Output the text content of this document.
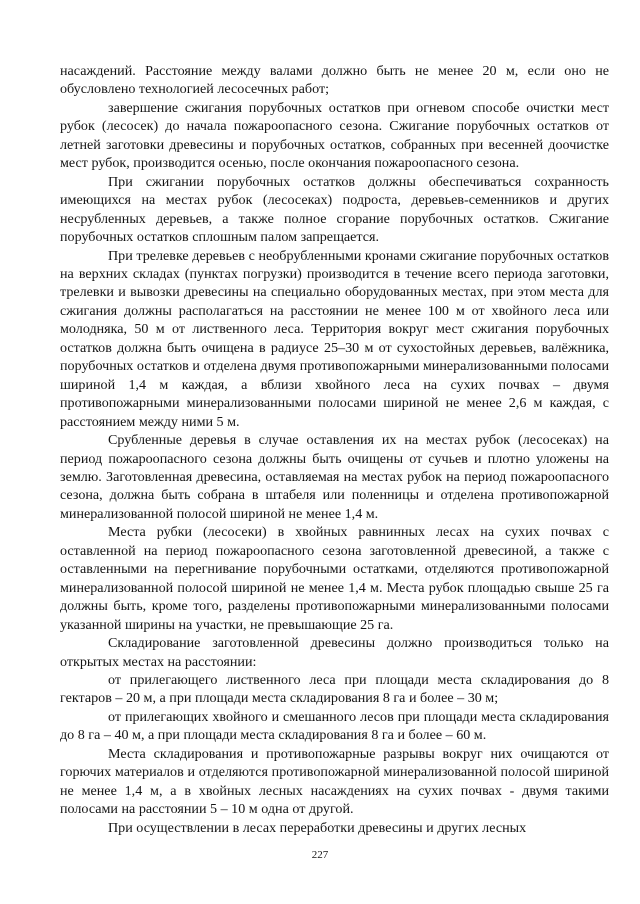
насаждений. Расстояние между валами должно быть не менее 20 м, если оно не обусловлено технологией лесосечных работ;

завершение сжигания порубочных остатков при огневом способе очистки мест рубок (лесосек) до начала пожароопасного сезона. Сжигание порубочных остатков от летней заготовки древесины и порубочных остатков, собранных при весенней доочистке мест рубок, производится осенью, после окончания пожароопасного сезона.

При сжигании порубочных остатков должны обеспечиваться сохранность имеющихся на местах рубок (лесосеках) подроста, деревьев-семенников и других несрубленных деревьев, а также полное сгорание порубочных остатков. Сжигание порубочных остатков сплошным палом запрещается.

При трелевке деревьев с необрубленными кронами сжигание порубочных остатков на верхних складах (пунктах погрузки) производится в течение всего периода заготовки, трелевки и вывозки древесины на специально оборудованных местах, при этом места для сжигания должны располагаться на расстоянии не менее 100 м от хвойного леса или молодняка, 50 м от лиственного леса. Территория вокруг мест сжигания порубочных остатков должна быть очищена в радиусе 25–30 м от сухостойных деревьев, валёжника, порубочных остатков и отделена двумя противопожарными минерализованными полосами шириной 1,4 м каждая, а вблизи хвойного леса на сухих почвах – двумя противопожарными минерализованными полосами шириной не менее 2,6 м каждая, с расстоянием между ними 5 м.

Срубленные деревья в случае оставления их на местах рубок (лесосеках) на период пожароопасного сезона должны быть очищены от сучьев и плотно уложены на землю. Заготовленная древесина, оставляемая на местах рубок на период пожароопасного сезона, должна быть собрана в штабеля или поленницы и отделена противопожарной минерализованной полосой шириной не менее 1,4 м.

Места рубки (лесосеки) в хвойных равнинных лесах на сухих почвах с оставленной на период пожароопасного сезона заготовленной древесиной, а также с оставленными на перегнивание порубочными остатками, отделяются противопожарной минерализованной полосой шириной не менее 1,4 м. Места рубок площадью свыше 25 га должны быть, кроме того, разделены противопожарными минерализованными полосами указанной ширины на участки, не превышающие 25 га.

Складирование заготовленной древесины должно производиться только на открытых местах на расстоянии:

от прилегающего лиственного леса при площади места складирования до 8 гектаров – 20 м, а при площади места складирования 8 га и более – 30 м;

от прилегающих хвойного и смешанного лесов при площади места складирования до 8 га – 40 м, а при площади места складирования 8 га и более – 60 м.

Места складирования и противопожарные разрывы вокруг них очищаются от горючих материалов и отделяются противопожарной минерализованной полосой шириной не менее 1,4 м, а в хвойных лесных насаждениях на сухих почвах - двумя такими полосами на расстоянии 5 – 10 м одна от другой.

При осуществлении в лесах переработки древесины и других лесных

227
